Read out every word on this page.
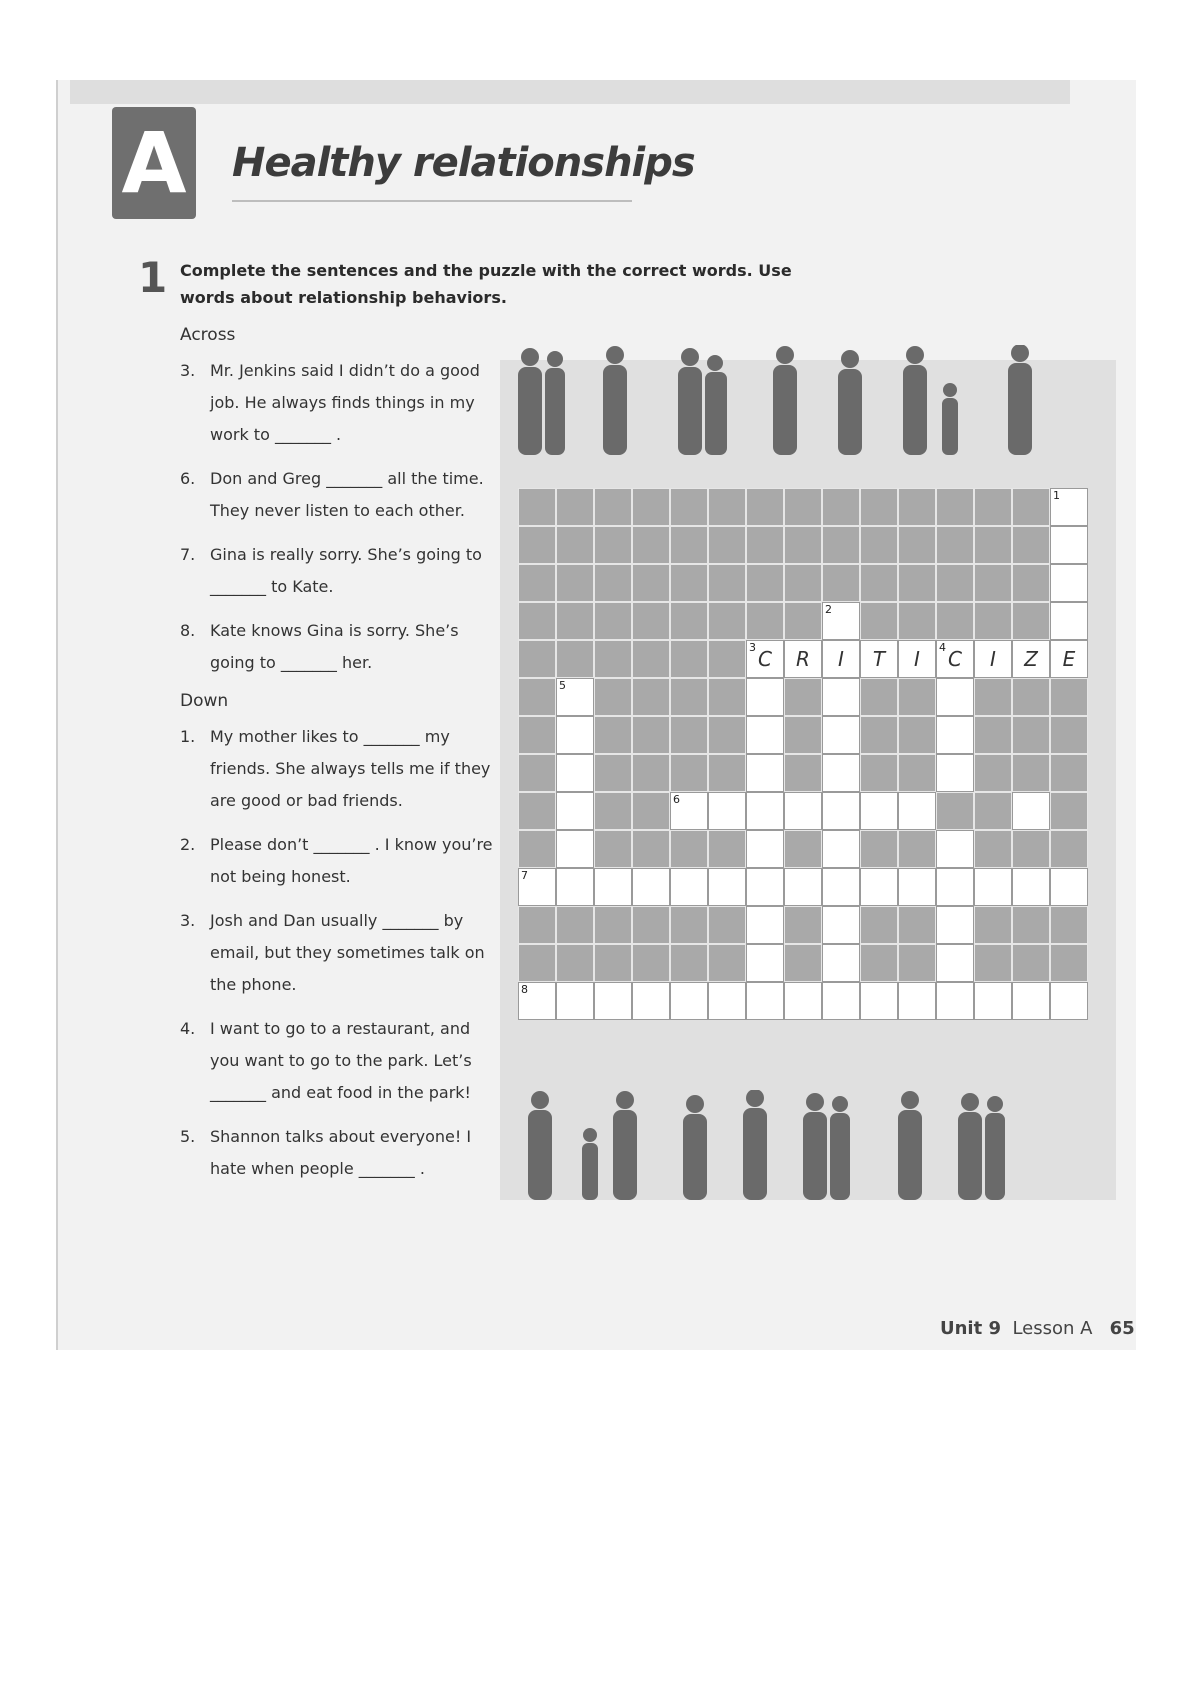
A Healthy relationships
1 Complete the sentences and the puzzle with the correct words. Use words about relationship behaviors.
Across
3. Mr. Jenkins said I didn’t do a good job. He always finds things in my work to _______ .
6. Don and Greg _______ all the time. They never listen to each other.
7. Gina is really sorry. She’s going to _______ to Kate.
8. Kate knows Gina is sorry. She’s going to _______ her.
Down
1. My mother likes to _______ my friends. She always tells me if they are good or bad friends.
2. Please don’t _______ . I know you’re not being honest.
3. Josh and Dan usually _______ by email, but they sometimes talk on the phone.
4. I want to go to a restaurant, and you want to go to the park. Let’s _______ and eat food in the park!
5. Shannon talks about everyone! I hate when people _______ .
1
2
3 C	R	I	T	I	4 C	I	Z	E
5
6
7
8
Unit 9 Lesson A 65
